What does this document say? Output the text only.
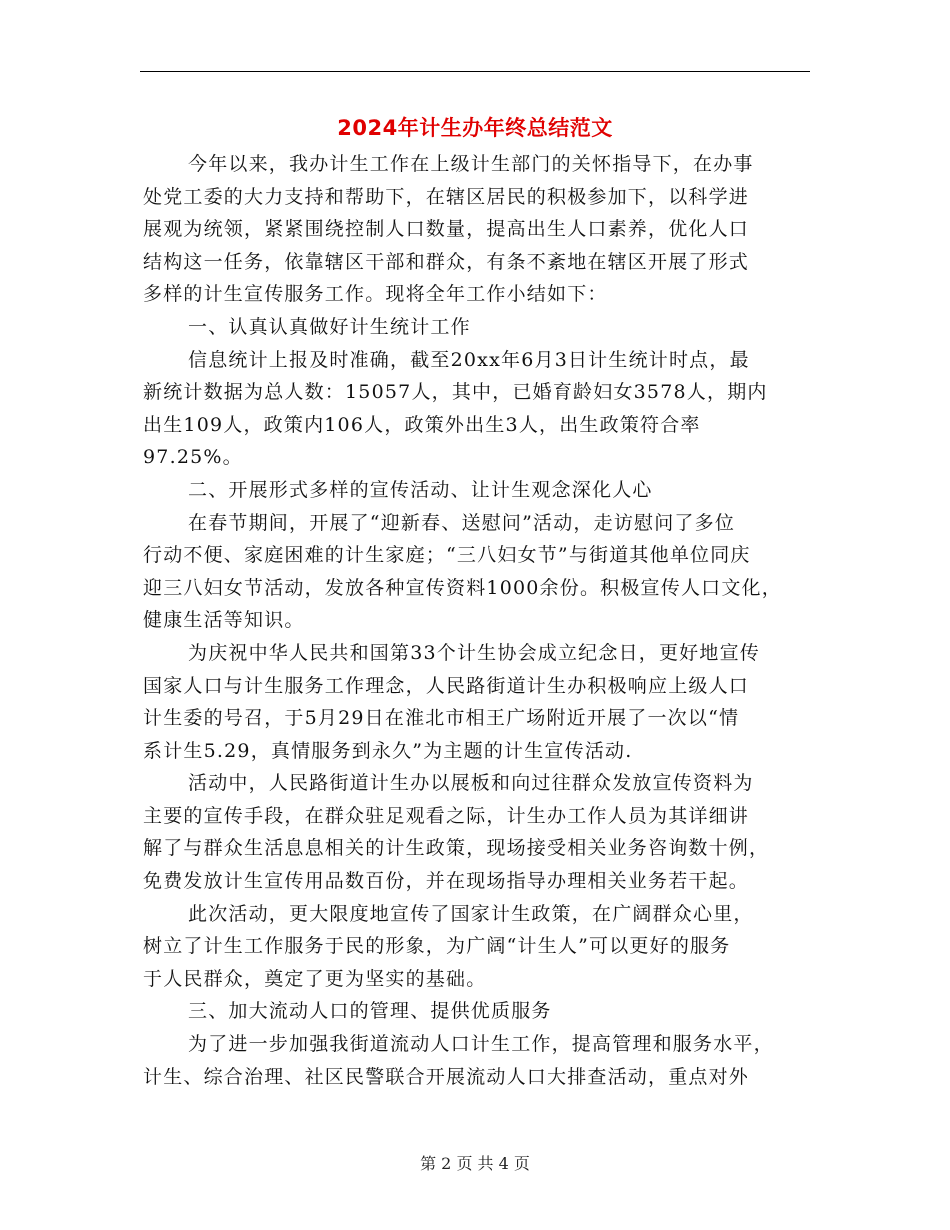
2024年计生办年终总结范文
今年以来，我办计生工作在上级计生部门的关怀指导下，在办事
处党工委的大力支持和帮助下，在辖区居民的积极参加下，以科学进
展观为统领，紧紧围绕控制人口数量，提高出生人口素养，优化人口
结构这一任务，依靠辖区干部和群众，有条不紊地在辖区开展了形式
多样的计生宣传服务工作。现将全年工作小结如下：
一、认真认真做好计生统计工作
信息统计上报及时准确，截至20xx年6月3日计生统计时点，最
新统计数据为总人数：15057人，其中，已婚育龄妇女3578人，期内
出生109人，政策内106人，政策外出生3人，出生政策符合率
97.25%。
二、开展形式多样的宣传活动、让计生观念深化人心
在春节期间，开展了“迎新春、送慰问”活动，走访慰问了多位
行动不便、家庭困难的计生家庭；“三八妇女节”与街道其他单位同庆
迎三八妇女节活动，发放各种宣传资料1000余份。积极宣传人口文化，
健康生活等知识。
为庆祝中华人民共和国第33个计生协会成立纪念日，更好地宣传
国家人口与计生服务工作理念，人民路街道计生办积极响应上级人口
计生委的号召，于5月29日在淮北市相王广场附近开展了一次以“情
系计生5.29，真情服务到永久”为主题的计生宣传活动.
活动中，人民路街道计生办以展板和向过往群众发放宣传资料为
主要的宣传手段，在群众驻足观看之际，计生办工作人员为其详细讲
解了与群众生活息息相关的计生政策，现场接受相关业务咨询数十例，
免费发放计生宣传用品数百份，并在现场指导办理相关业务若干起。
此次活动，更大限度地宣传了国家计生政策，在广阔群众心里，
树立了计生工作服务于民的形象，为广阔“计生人”可以更好的服务
于人民群众，奠定了更为坚实的基础。
三、加大流动人口的管理、提供优质服务
为了进一步加强我街道流动人口计生工作，提高管理和服务水平，
计生、综合治理、社区民警联合开展流动人口大排查活动，重点对外
第 2 页 共 4 页
